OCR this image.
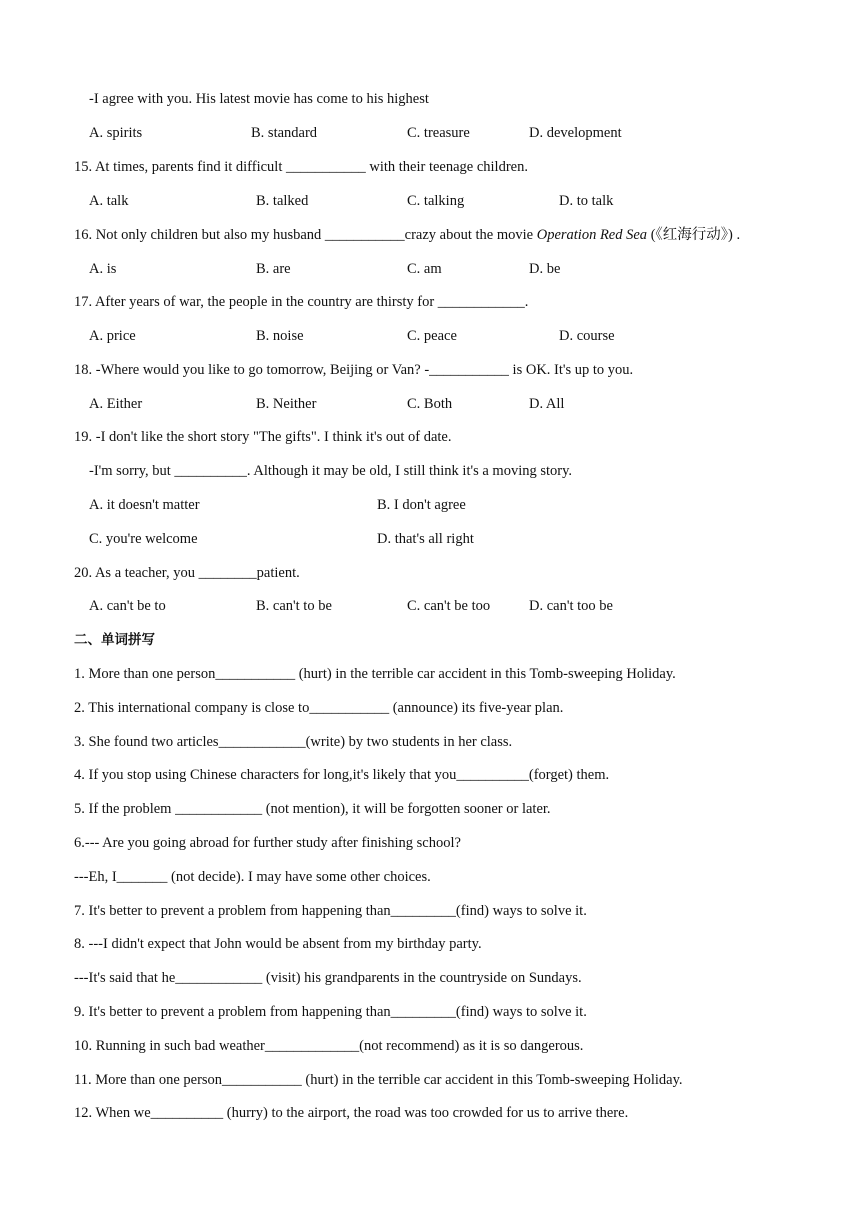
-I agree with you. His latest movie has come to his highest
A. spirits	B. standard	C. treasure	D. development
15. At times, parents find it difficult ___________ with their teenage children.
A. talk	B. talked	C. talking	D. to talk
16. Not only children but also my husband ___________crazy about the movie Operation Red Sea (《红海行动》) .
A. is	B. are	C. am	D. be
17. After years of war, the people in the country are thirsty for ____________.
A. price	B. noise	C. peace	D. course
18. -Where would you like to go tomorrow, Beijing or Van? -___________ is OK. It's up to you.
A. Either	B. Neither	C. Both	D. All
19. -I don't like the short story "The gifts". I think it's out of date.
-I'm sorry, but __________. Although it may be old, I still think it's a moving story.
A. it doesn't matter	B. I don't agree
C. you're welcome	D. that's all right
20. As a teacher, you ________patient.
A. can't be to	B. can't to be	C. can't be too	D. can't too be
二、单词拼写
1. More than one person___________ (hurt) in the terrible car accident in this Tomb-sweeping Holiday.
2. This international company is close to___________ (announce) its five-year plan.
3. She found two articles____________(write) by two students in her class.
4. If you stop using Chinese characters for long,it's likely that you__________(forget) them.
5. If the problem ____________ (not mention), it will be forgotten sooner or later.
6.--- Are you going abroad for further study after finishing school?
---Eh, I_______ (not decide). I may have some other choices.
7. It's better to prevent a problem from happening than_________(find) ways to solve it.
8. ---I didn't expect that John would be absent from my birthday party.
---It's said that he____________ (visit) his grandparents in the countryside on Sundays.
9. It's better to prevent a problem from happening than_________(find) ways to solve it.
10. Running in such bad weather_____________(not recommend) as it is so dangerous.
11. More than one person___________ (hurt) in the terrible car accident in this Tomb-sweeping Holiday.
12. When we__________ (hurry) to the airport, the road was too crowded for us to arrive there.
